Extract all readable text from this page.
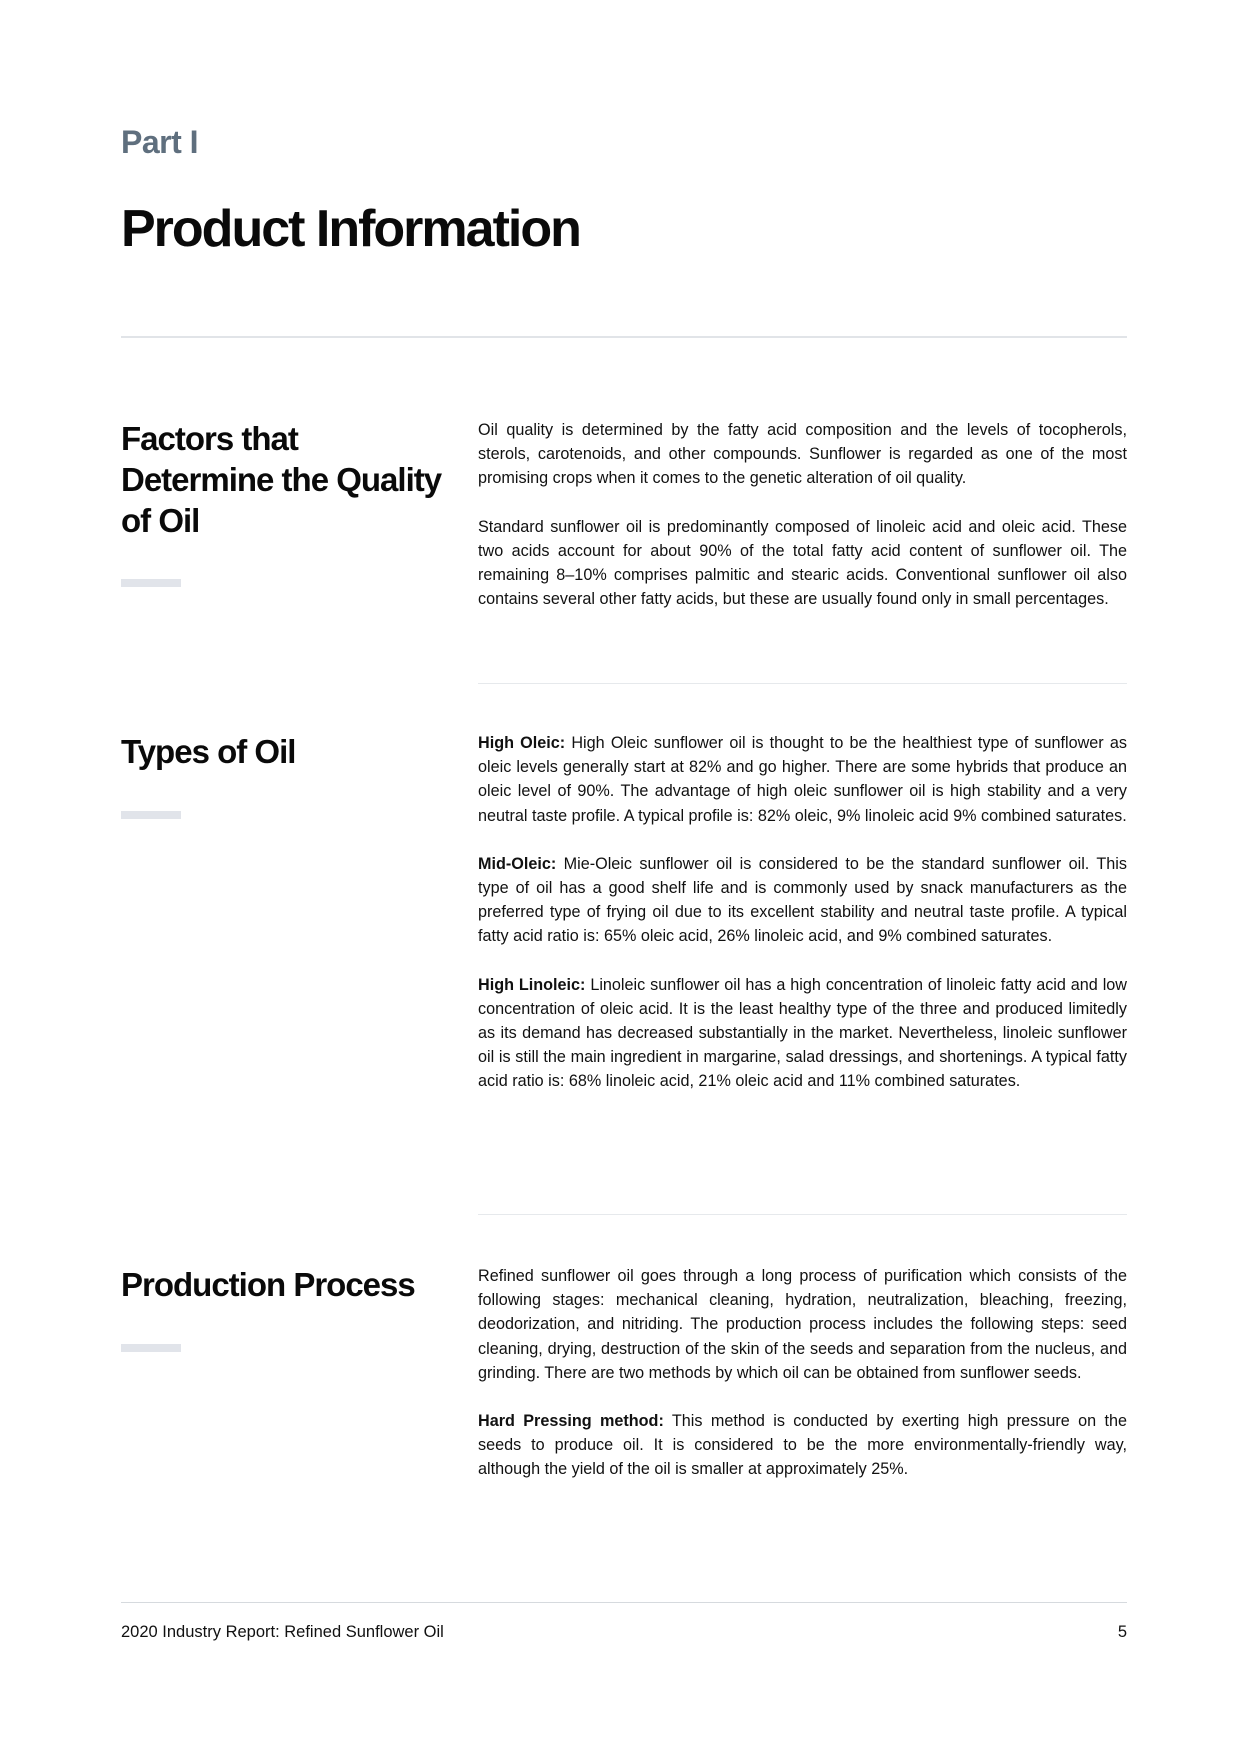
Part I
Product Information
Factors that Determine the Quality of Oil

Oil quality is determined by the fatty acid composition and the levels of tocopherols, sterols, carotenoids, and other compounds. Sunflower is regarded as one of the most promising crops when it comes to the genetic alteration of oil quality.

Standard sunflower oil is predominantly composed of linoleic acid and oleic acid. These two acids account for about 90% of the total fatty acid content of sunflower oil. The remaining 8–10% comprises palmitic and stearic acids. Conventional sunflower oil also contains several other fatty acids, but these are usually found only in small percentages.

Types of Oil	High Oleic: High Oleic sunflower oil is thought to be the healthiest type of sunflower as oleic levels generally start at 82% and go higher. There are some hybrids that produce an oleic level of 90%. The advantage of high oleic sunflower oil is high stability and a very neutral taste profile. A typical profile is: 82% oleic, 9% linoleic acid 9% combined saturates.

Mid-Oleic: Mie-Oleic sunflower oil is considered to be the standard sunflower oil. This type of oil has a good shelf life and is commonly used by snack manufacturers as the preferred type of frying oil due to its excellent stability and neutral taste profile. A typical fatty acid ratio is: 65% oleic acid, 26% linoleic acid, and 9% combined saturates.

High Linoleic: Linoleic sunflower oil has a high concentration of linoleic fatty acid and low concentration of oleic acid. It is the least healthy type of the three and produced limitedly as its demand has decreased substantially in the market. Nevertheless, linoleic sunflower oil is still the main ingredient in margarine, salad dressings, and shortenings. A typical fatty acid ratio is: 68% linoleic acid, 21% oleic acid and 11% combined saturates.

Production Process	Refined sunflower oil goes through a long process of purification which consists of the following stages: mechanical cleaning, hydration, neutralization, bleaching, freezing, deodorization, and nitriding. The production process includes the following steps: seed cleaning, drying, destruction of the skin of the seeds and separation from the nucleus, and grinding. There are two methods by which oil can be obtained from sunflower seeds.

Hard Pressing method: This method is conducted by exerting high pressure on the seeds to produce oil. It is considered to be the more environmentally-friendly way, although the yield of the oil is smaller at approximately 25%.

2020 Industry Report: Refined Sunflower Oil	5
